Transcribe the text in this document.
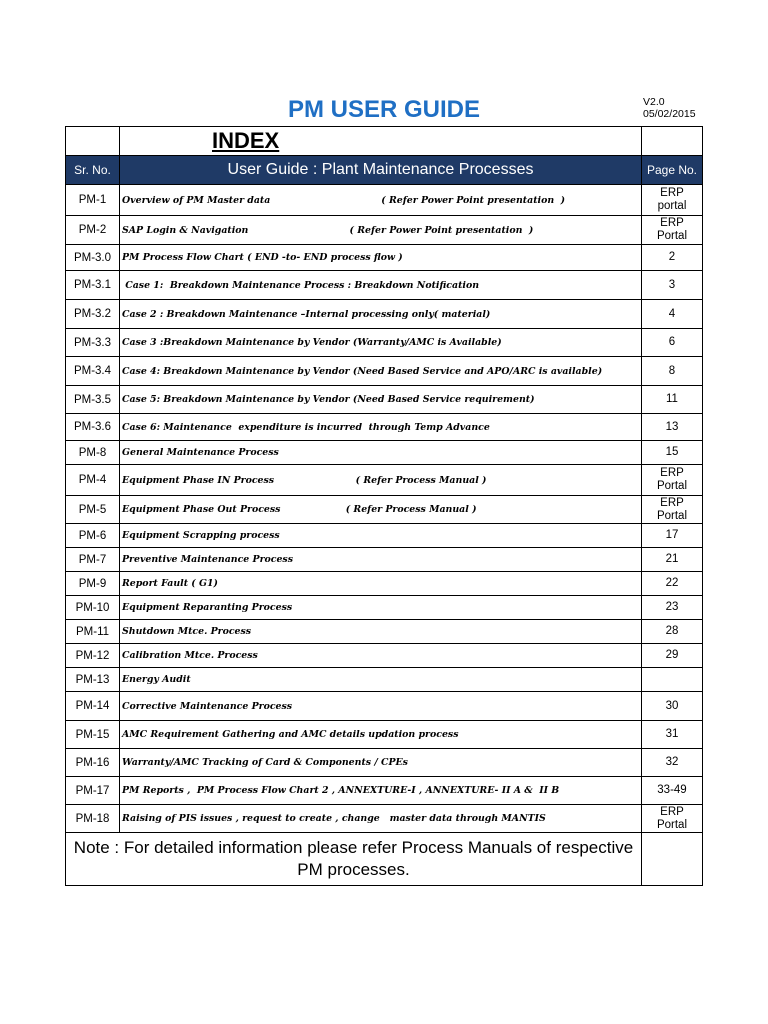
PM USER GUIDE	V2.0
05/02/2015
	INDEX	
Sr. No.	User Guide : Plant Maintenance Processes	Page No.
PM-1	Overview of PM Master data                                  ( Refer Power Point presentation  )	ERP
portal
PM-2	SAP Login & Navigation                               ( Refer Power Point presentation  )	ERP
Portal
PM-3.0	PM Process Flow Chart ( END -to- END process flow )	2
PM-3.1	Case 1:  Breakdown Maintenance Process : Breakdown Notification	3
PM-3.2	Case 2 : Breakdown Maintenance –Internal processing only( material)	4
PM-3.3	Case 3 :Breakdown Maintenance by Vendor (Warranty/AMC is Available)	6
PM-3.4	Case 4: Breakdown Maintenance by Vendor (Need Based Service and APO/ARC is available)	8
PM-3.5	Case 5: Breakdown Maintenance by Vendor (Need Based Service requirement)	11
PM-3.6	Case 6: Maintenance  expenditure is incurred  through Temp Advance	13
PM-8	General Maintenance Process	15
PM-4	Equipment Phase IN Process                         ( Refer Process Manual )	ERP
Portal
PM-5	Equipment Phase Out Process                    ( Refer Process Manual )	ERP
Portal
PM-6	Equipment Scrapping process	17
PM-7	Preventive Maintenance Process	21
PM-9	Report Fault ( G1)	22
PM-10	Equipment Reparanting Process	23
PM-11	Shutdown Mtce. Process	28
PM-12	Calibration Mtce. Process	29
PM-13	Energy Audit	
PM-14	Corrective Maintenance Process	30
PM-15	AMC Requirement Gathering and AMC details updation process	31
PM-16	Warranty/AMC Tracking of Card & Components / CPEs	32
PM-17	PM Reports ,  PM Process Flow Chart 2 , ANNEXTURE-I , ANNEXTURE- II A &  II B	33-49
PM-18	Raising of PIS issues , request to create , change   master data through MANTIS	ERP
Portal
Note : For detailed information please refer Process Manuals of respective PM processes.		
